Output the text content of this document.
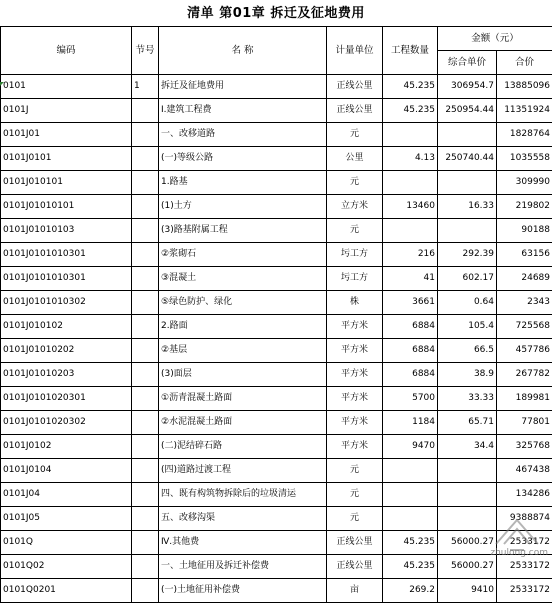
清单 第01章 拆迁及征地费用
编码	节号	名 称	计量单位	工程数量	金额（元）	
					综合单价	合价
0101	1	拆迁及征地费用	正线公里	45.235	306954.7	13885096
0101J		Ⅰ.建筑工程费	正线公里	45.235	250954.44	11351924
0101J01		一、改移道路	元			1828764
0101J0101		(一)等级公路	公里	4.13	250740.44	1035558
0101J010101		1.路基	元			309990
0101J01010101		(1)土方	立方米	13460	16.33	219802
0101J01010103		(3)路基附属工程	元			90188
0101J0101010301		②浆砌石	圬工方	216	292.39	63156
0101J0101010301		③混凝土	圬工方	41	602.17	24689
0101J0101010302		⑤绿色防护、绿化	株	3661	0.64	2343
0101J010102		2.路面	平方米	6884	105.4	725568
0101J01010202		②基层	平方米	6884	66.5	457786
0101J01010203		(3)面层	平方米	6884	38.9	267782
0101J0101020301		①沥青混凝土路面	平方米	5700	33.33	189981
0101J0101020302		②水泥混凝土路面	平方米	1184	65.71	77801
0101J0102		(二)泥结碎石路	平方米	9470	34.4	325768
0101J0104		(四)道路过渡工程	元			467438
0101J04		四、既有构筑物拆除后的垃圾清运	元			134286
0101J05		五、改移沟渠	元			9388874
0101Q		Ⅳ.其他费	正线公里	45.235	56000.27	2533172
0101Q02		一、土地征用及拆迁补偿费	正线公里	45.235	56000.27	2533172
0101Q0201		(一)土地征用补偿费	亩	269.2	9410	2533172
zhulong.com
